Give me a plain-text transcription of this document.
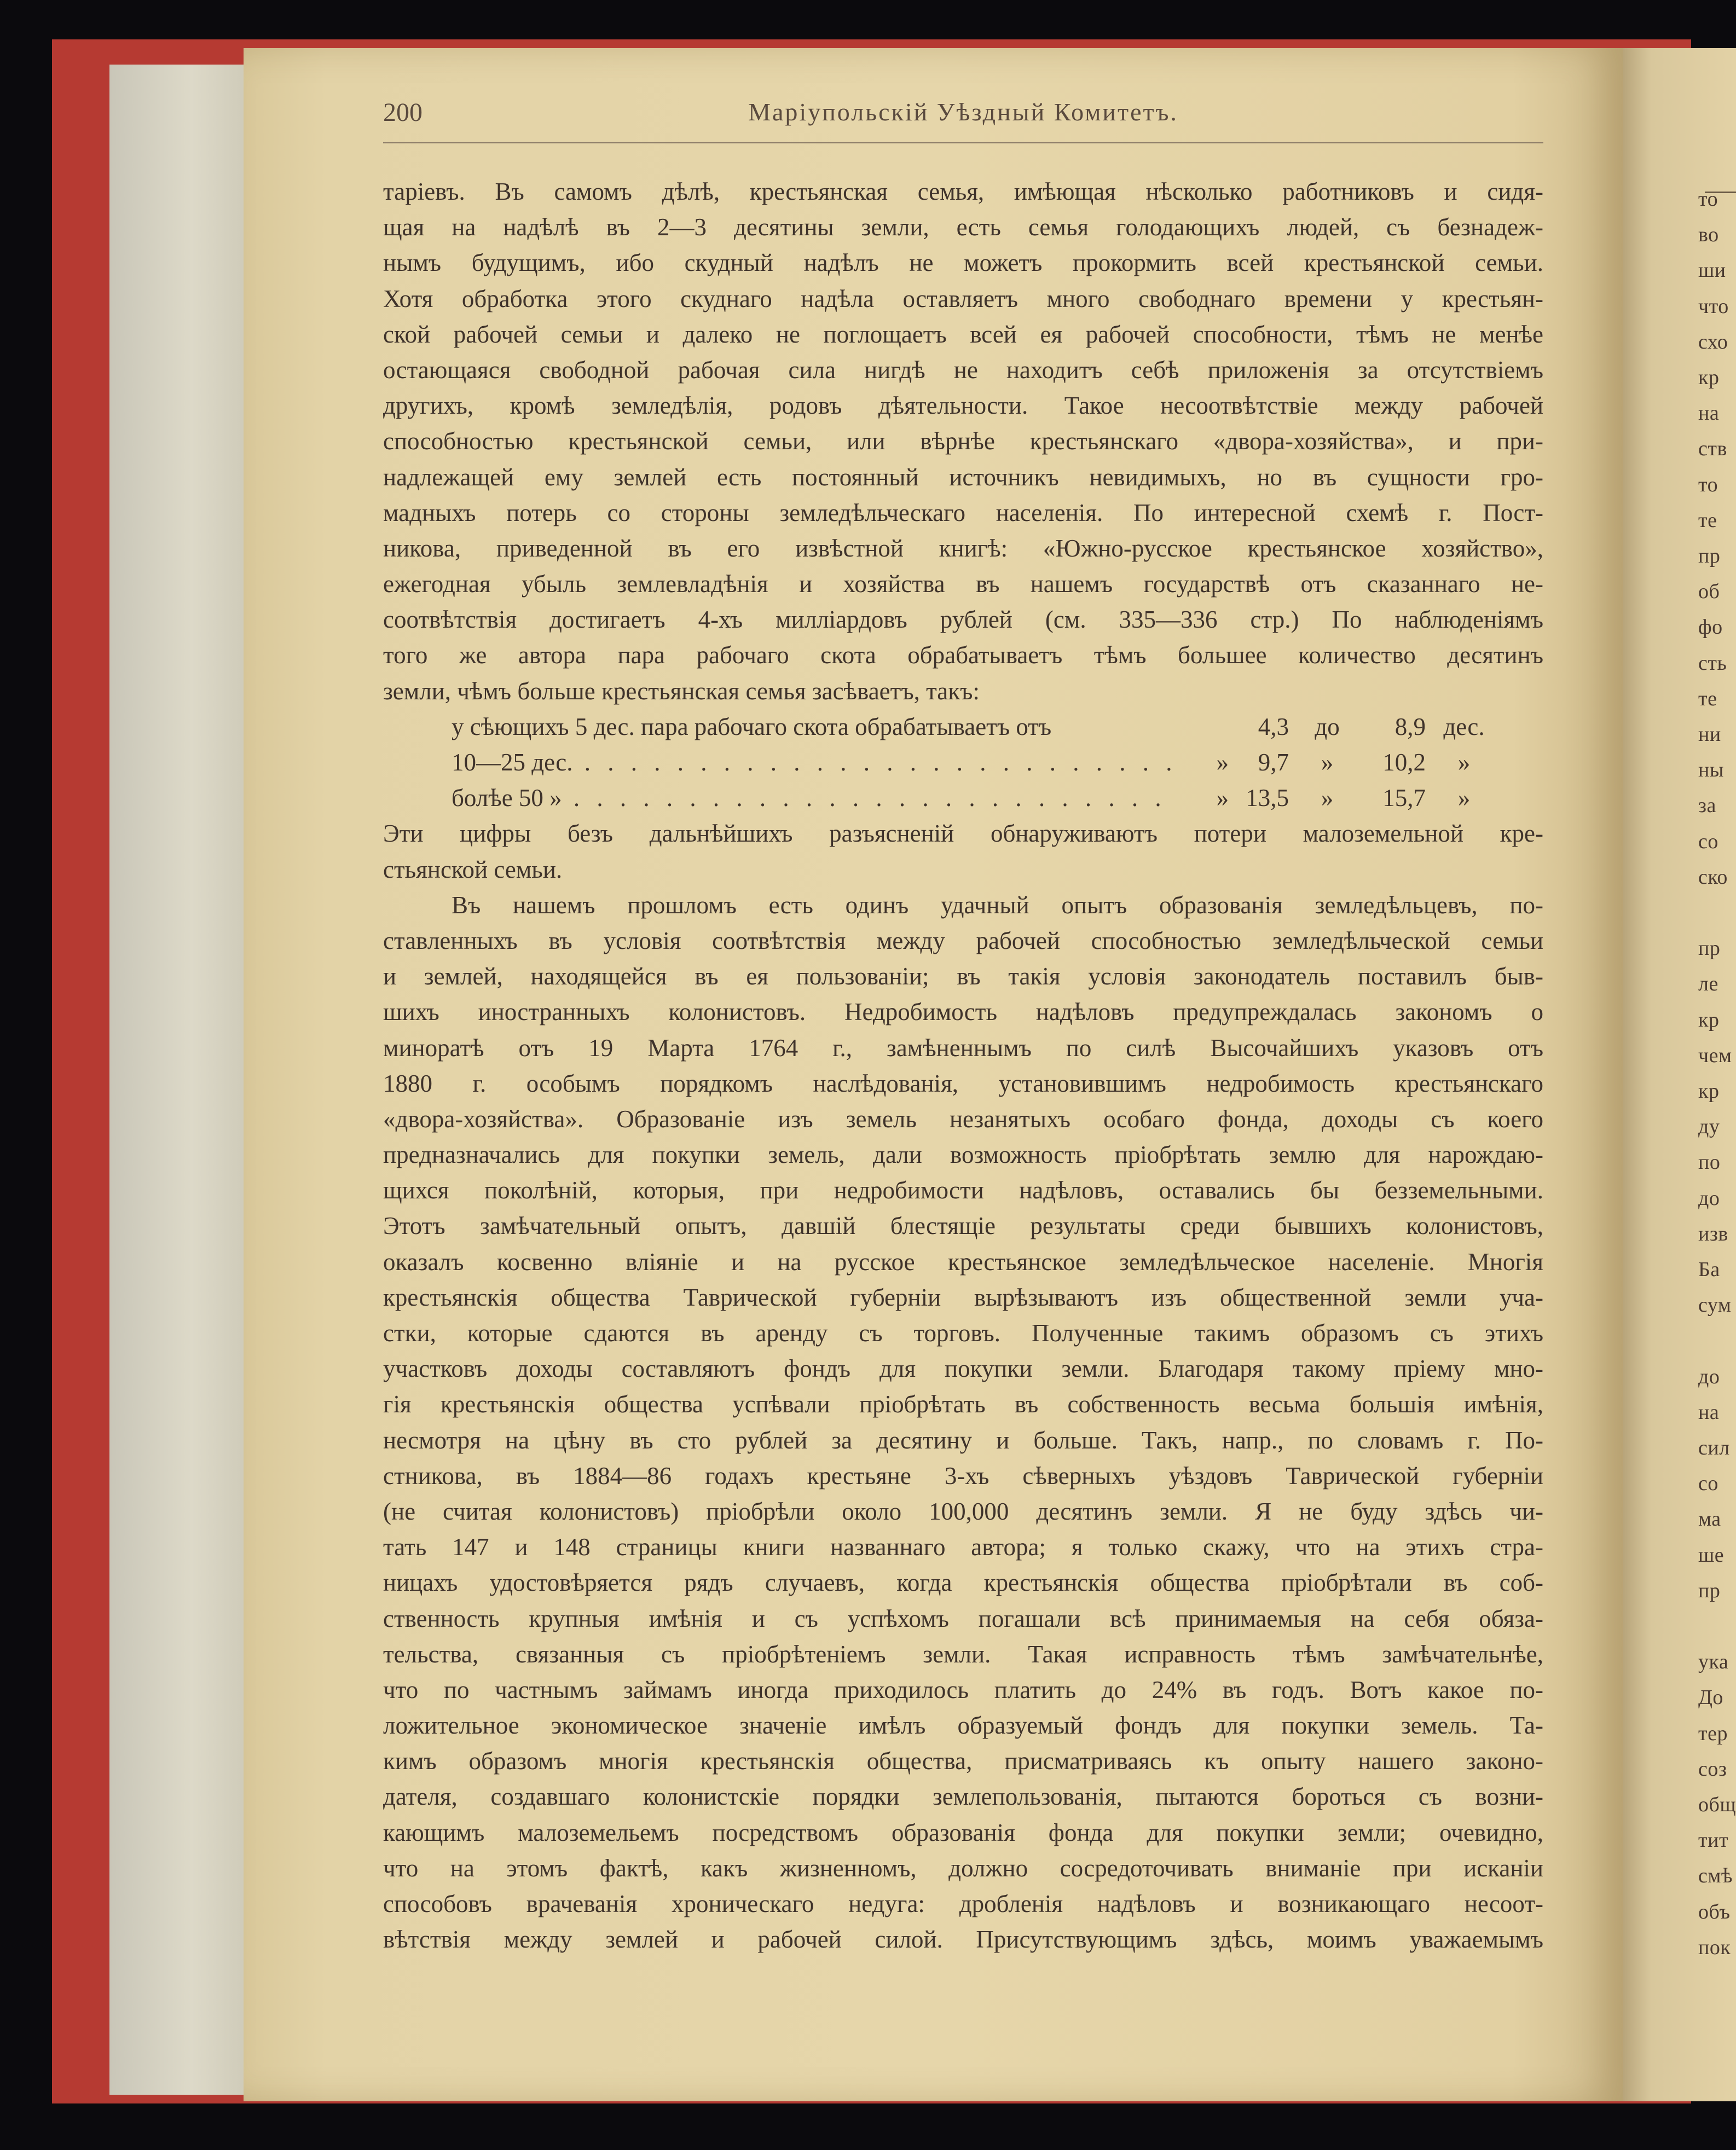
то
во
ши
что
схо
кр
на
ств
то
те
пр
об
фо
сть
те
ни
ны
за
со
ско
пр
ле
кр
чем
кр
ду
по
до
изв
Ба
сум
до
на
сил
со
ма
ше
пр
ука
До
тер
соз
общ
тит
смѣ
объ
пок
200	Маріупольскій Уѣздный Комитетъ.
таріевъ. Въ самомъ дѣлѣ, крестьянская семья, имѣющая нѣсколько работниковъ и сидя-
щая на надѣлѣ въ 2—3 десятины земли, есть семья голодающихъ людей, съ безнадеж-
нымъ будущимъ, ибо скудный надѣлъ не можетъ прокормить всей крестьянской семьи.
Хотя обработка этого скуднаго надѣла оставляетъ много свободнаго времени у крестьян-
ской рабочей семьи и далеко не поглощаетъ всей ея рабочей способности, тѣмъ не менѣе
остающаяся свободной рабочая сила нигдѣ не находитъ себѣ приложенія за отсутствіемъ
другихъ, кромѣ земледѣлія, родовъ дѣятельности. Такое несоотвѣтствіе между рабочей
способностью крестьянской семьи, или вѣрнѣе крестьянскаго «двора-хозяйства», и при-
надлежащей ему землей есть постоянный источникъ невидимыхъ, но въ сущности гро-
мадныхъ потерь со стороны земледѣльческаго населенія. По интересной схемѣ г. Пост-
никова, приведенной въ его извѣстной книгѣ: «Южно-русское крестьянское хозяйство»,
ежегодная убыль землевладѣнія и хозяйства въ нашемъ государствѣ отъ сказаннаго не-
соотвѣтствія достигаетъ 4-хъ милліардовъ рублей (см. 335—336 стр.) По наблюденіямъ
того же автора пара рабочаго скота обрабатываетъ тѣмъ большее количество десятинъ
земли, чѣмъ больше крестьянская семья засѣваетъ, такъ:
у сѣющихъ 5 дес. пара рабочаго скота обрабатываетъ отъ	4,3	до	8,9 дес.
10—25 дес. . . . . . . . . . . . . . . . . . . . . . . . . . . »	9,7	»	10,2	»
болѣе 50 » . . . . . . . . . . . . . . . . . . . . . . . . . . » 13,5	»	15,7	»
Эти цифры безъ дальнѣйшихъ разъясненій обнаруживаютъ потери малоземельной кре-
стьянской семьи.
Въ нашемъ прошломъ есть одинъ удачный опытъ образованія земледѣльцевъ, по-
ставленныхъ въ условія соотвѣтствія между рабочей способностью земледѣльческой семьи
и землей, находящейся въ ея пользованіи; въ такія условія законодатель поставилъ быв-
шихъ иностранныхъ колонистовъ. Недробимость надѣловъ предупреждалась закономъ о
минoратѣ отъ 19 Марта 1764 г., замѣненнымъ по силѣ Высочайшихъ указовъ отъ
1880 г. особымъ порядкомъ наслѣдованія, установившимъ недробимость крестьянскаго
«двора-хозяйства». Образованіе изъ земель незанятыхъ особаго фонда, доходы съ коего
предназначались для покупки земель, дали возможность пріобрѣтать землю для нарождаю-
щихся поколѣній, которыя, при недробимости надѣловъ, оставались бы безземельными.
Этотъ замѣчательный опытъ, давшій блестящіе результаты среди бывшихъ колонистовъ,
оказалъ косвенно вліяніе и на русское крестьянское земледѣльческое населеніе. Многія
крестьянскія общества Таврической губерніи вырѣзываютъ изъ общественной земли уча-
стки, которые сдаются въ аренду съ торговъ. Полученные такимъ образомъ съ этихъ
участковъ доходы составляютъ фондъ для покупки земли. Благодаря такому пріему мно-
гія крестьянскія общества успѣвали пріобрѣтать въ собственность весьма большія имѣнія,
несмотря на цѣну въ сто рублей за десятину и больше. Такъ, напр., по словамъ г. По-
стникова, въ 1884—86 годахъ крестьяне 3-хъ сѣверныхъ уѣздовъ Таврической губерніи
(не считая колонистовъ) пріобрѣли около 100,000 десятинъ земли. Я не буду здѣсь чи-
тать 147 и 148 страницы книги названнаго автора; я только скажу, что на этихъ стра-
ницахъ удостовѣряется рядъ случаевъ, когда крестьянскія общества пріобрѣтали въ соб-
ственность крупныя имѣнія и съ успѣхомъ погашали всѣ принимаемыя на себя обяза-
тельства, связанныя съ пріобрѣтеніемъ земли. Такая исправность тѣмъ замѣчательнѣе,
что по частнымъ займамъ иногда приходилось платить до 24% въ годъ. Вотъ какое по-
ложительное экономическое значеніе имѣлъ образуемый фондъ для покупки земель. Та-
кимъ образомъ многія крестьянскія общества, присматриваясь къ опыту нашего законо-
дателя, создавшаго колонистскіе порядки землепользованія, пытаются бороться съ возни-
кающимъ малоземельемъ посредствомъ образованія фонда для покупки земли; очевидно,
что на этомъ фактѣ, какъ жизненномъ, должно сосредоточивать вниманіе при исканіи
способовъ врачеванія хроническаго недуга: дробленія надѣловъ и возникающаго несоот-
вѣтствія между землей и рабочей силой. Присутствующимъ здѣсь, моимъ уважаемымъ
